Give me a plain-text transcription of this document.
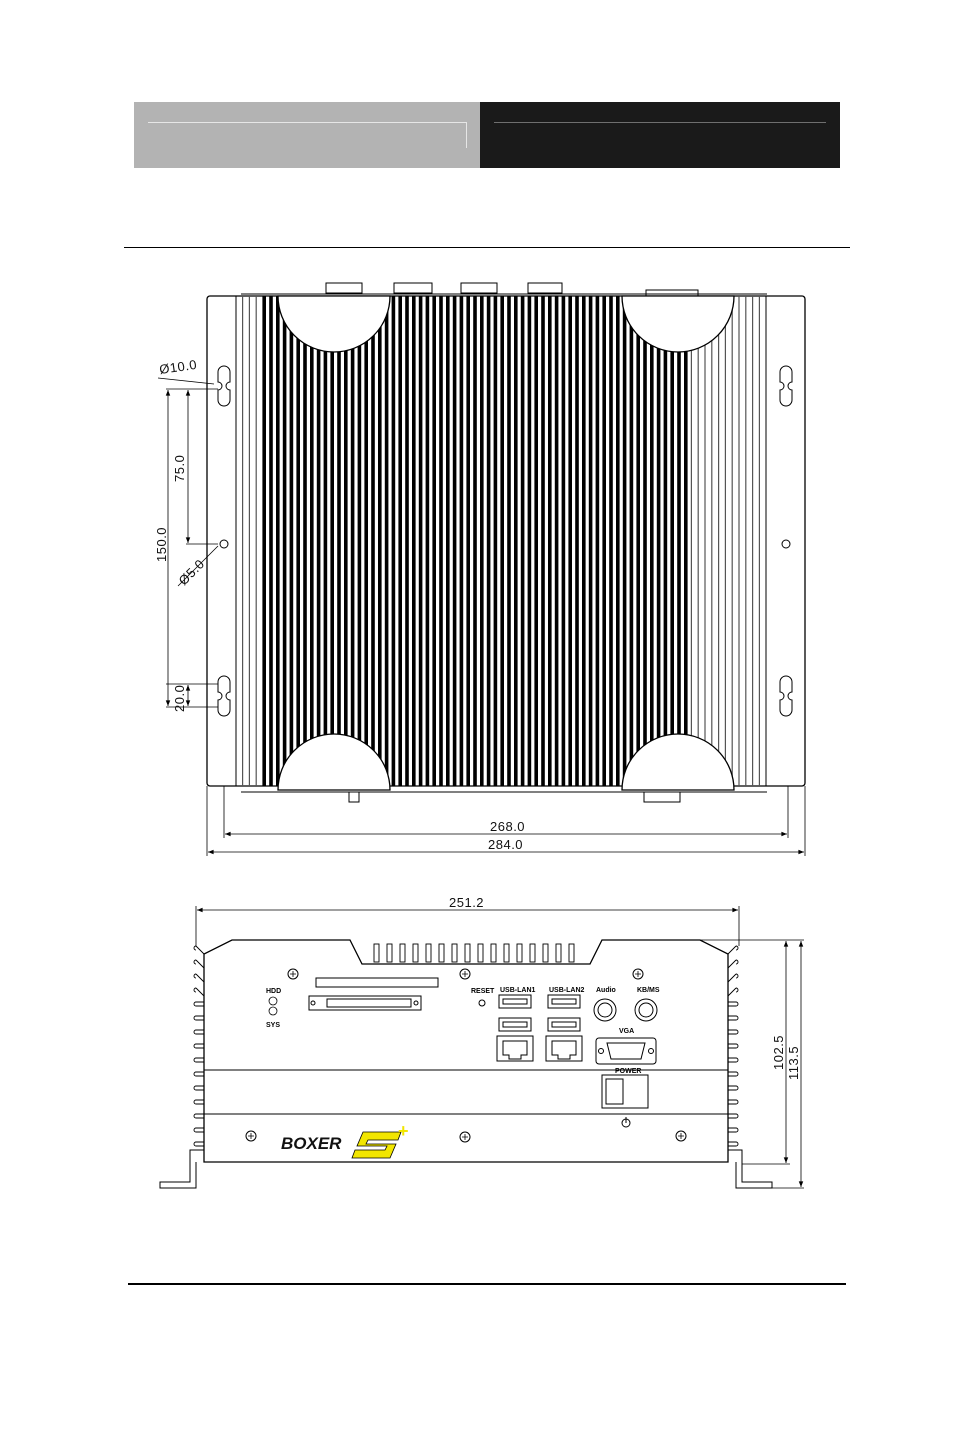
Ø10.0
75.0
150.0
Ø5.0
20.0
268.0
284.0
HDD
SYS
RESET USB-LAN1 USB-LAN2 Audio	KB/MS
VGA
POWER
251.2
102.5 113.5
BOXER
+
